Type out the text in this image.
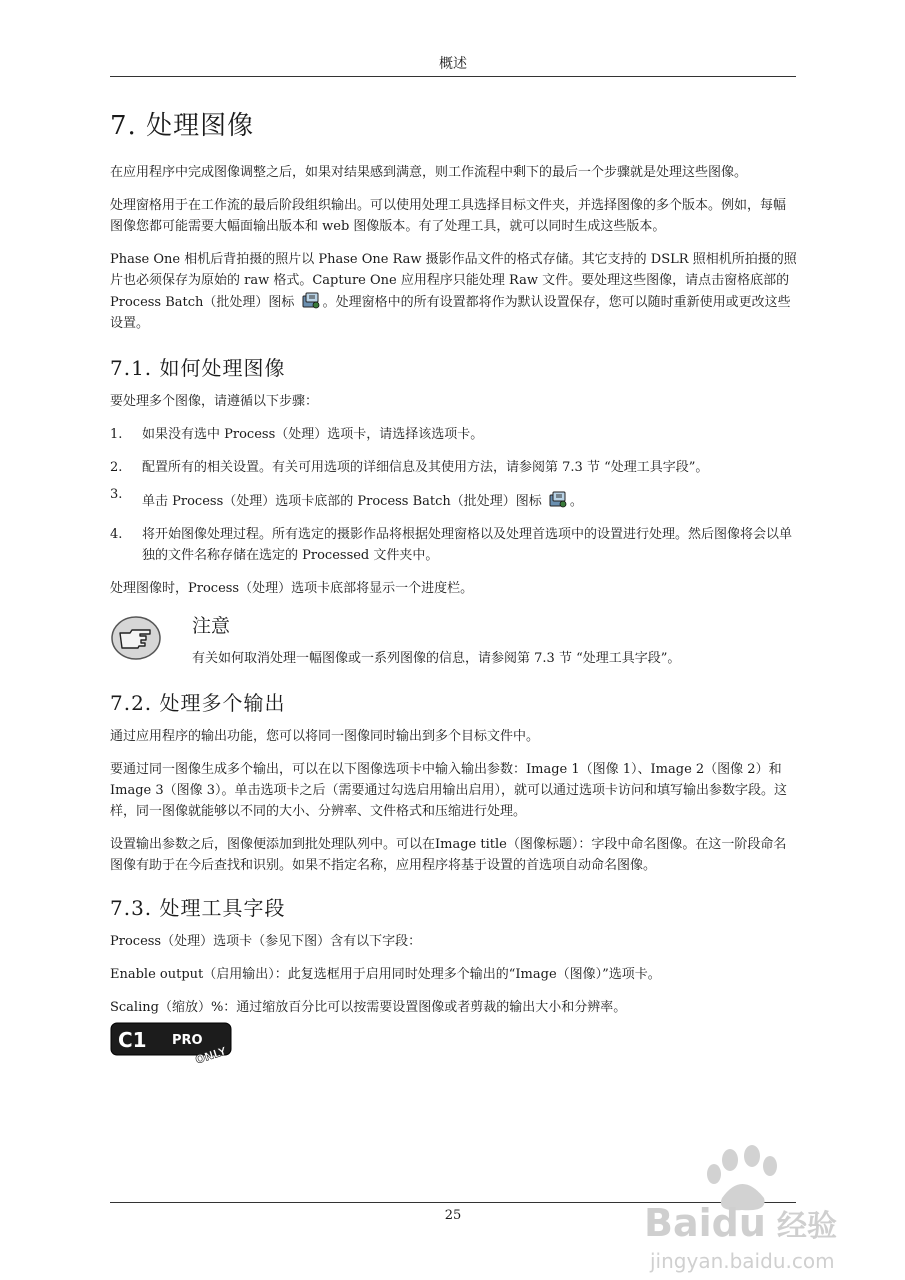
概述
7. 处理图像

在应用程序中完成图像调整之后，如果对结果感到满意，则工作流程中剩下的最后一个步骤就是处理这些图像。

处理窗格用于在工作流的最后阶段组织输出。可以使用处理工具选择目标文件夹，并选择图像的多个版本。例如，每幅图像您都可能需要大幅面输出版本和 web 图像版本。有了处理工具，就可以同时生成这些版本。

Phase One 相机后背拍摄的照片以 Phase One Raw 摄影作品文件的格式存储。其它支持的 DSLR 照相机所拍摄的照片也必须保存为原始的 raw 格式。Capture One 应用程序只能处理 Raw 文件。要处理这些图像，请点击窗格底部的 Process Batch（批处理）图标 。处理窗格中的所有设置都将作为默认设置保存，您可以随时重新使用或更改这些设置。

7.1. 如何处理图像

要处理多个图像，请遵循以下步骤：

1. 如果没有选中 Process（处理）选项卡，请选择该选项卡。
2. 配置所有的相关设置。有关可用选项的详细信息及其使用方法，请参阅第 7.3 节 “处理工具字段”。
3. 单击 Process（处理）选项卡底部的 Process Batch（批处理）图标 。
4. 将开始图像处理过程。所有选定的摄影作品将根据处理窗格以及处理首选项中的设置进行处理。然后图像将会以单独的文件名称存储在选定的 Processed 文件夹中。

处理图像时，Process（处理）选项卡底部将显示一个进度栏。

注意
有关如何取消处理一幅图像或一系列图像的信息，请参阅第 7.3 节 “处理工具字段”。
7.2. 处理多个输出

通过应用程序的输出功能，您可以将同一图像同时输出到多个目标文件中。

要通过同一图像生成多个输出，可以在以下图像选项卡中输入输出参数：Image 1（图像 1）、Image 2（图像 2）和 Image 3（图像 3）。单击选项卡之后（需要通过勾选启用输出启用），就可以通过选项卡访问和填写输出参数字段。这样，同一图像就能够以不同的大小、分辨率、文件格式和压缩进行处理。

设置输出参数之后，图像便添加到批处理队列中。可以在Image title（图像标题）：字段中命名图像。在这一阶段命名图像有助于在今后查找和识别。如果不指定名称，应用程序将基于设置的首选项自动命名图像。

7.3. 处理工具字段

Process（处理）选项卡（参见下图）含有以下字段：

Enable output（启用输出）：此复选框用于启用同时处理多个输出的“Image（图像）”选项卡。

Scaling（缩放）%：通过缩放百分比可以按需要设置图像或者剪裁的输出大小和分辨率。

C1 PRO
ONLY
25	Baidu 经验
jingyan.baidu.com
